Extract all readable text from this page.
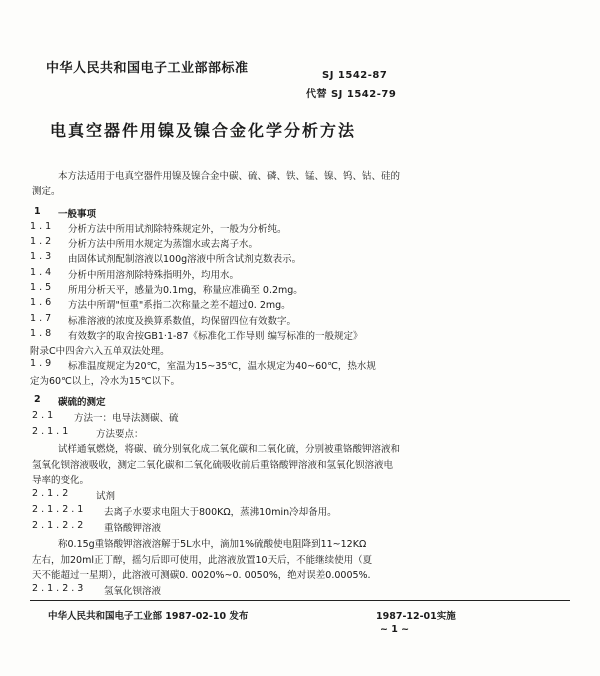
中华人民共和国电子工业部部标准	SJ 1542-87
代替 SJ 1542-79
电真空器件用镍及镍合金化学分析方法
本方法适用于电真空器件用镍及镍合金中碳、硫、磷、铁、锰、镍、钨、钴、硅的
测定。
1 一般事项
1 . 1 分析方法中所用试剂除特殊规定外，一般为分析纯。
1 . 2 分析方法中所用水规定为蒸馏水或去离子水。
1 . 3 由固体试剂配制溶液以100g溶液中所含试剂克数表示。
1 . 4 分析中所用溶剂除特殊指明外，均用水。
1 . 5 所用分析天平，感量为0.1mg，称量应准确至 0.2mg。
1 . 6 方法中所谓"恒重"系指二次称量之差不超过0. 2mg。
1 . 7 标准溶液的浓度及换算系数值，均保留四位有效数字。
1 . 8 有效数字的取舍按GB1·1-87《标准化工作导则 编写标准的一般规定》
附录C中四舍六入五单双法处理。
1 . 9 标准温度规定为20℃，室温为15~35℃，温水规定为40~60℃，热水规
定为60℃以上，冷水为15℃以下。
2 碳硫的测定
2 . 1 方法一：电导法测碳、硫
2 . 1 . 1	方法要点：
试样通氧燃烧，将碳、硫分别氧化成二氧化碳和二氧化硫，分别被重铬酸钾溶液和
氢氧化钡溶液吸收，测定二氧化碳和二氧化硫吸收前后重铬酸钾溶液和氢氧化钡溶液电
导率的变化。
2 . 1 . 2	试剂
2 . 1 . 2 . 1 去离子水要求电阻大于800KΩ，蒸沸10min冷却备用。
2 . 1 . 2 . 2 重铬酸钾溶液
称0.15g重铬酸钾溶液溶解于5L水中，滴加1%硫酸使电阻降到11~12KΩ
左右，加20ml正丁醇，摇匀后即可使用，此溶液放置10天后，不能继续使用（夏
天不能超过一星期），此溶液可测碳0. 0020%~0. 0050%，绝对误差0.0005%.
2 . 1 . 2 . 3 氢氧化钡溶液
中华人民共和国电子工业部 1987-02-10 发布	1987-12-01实施
~ 1 ~
